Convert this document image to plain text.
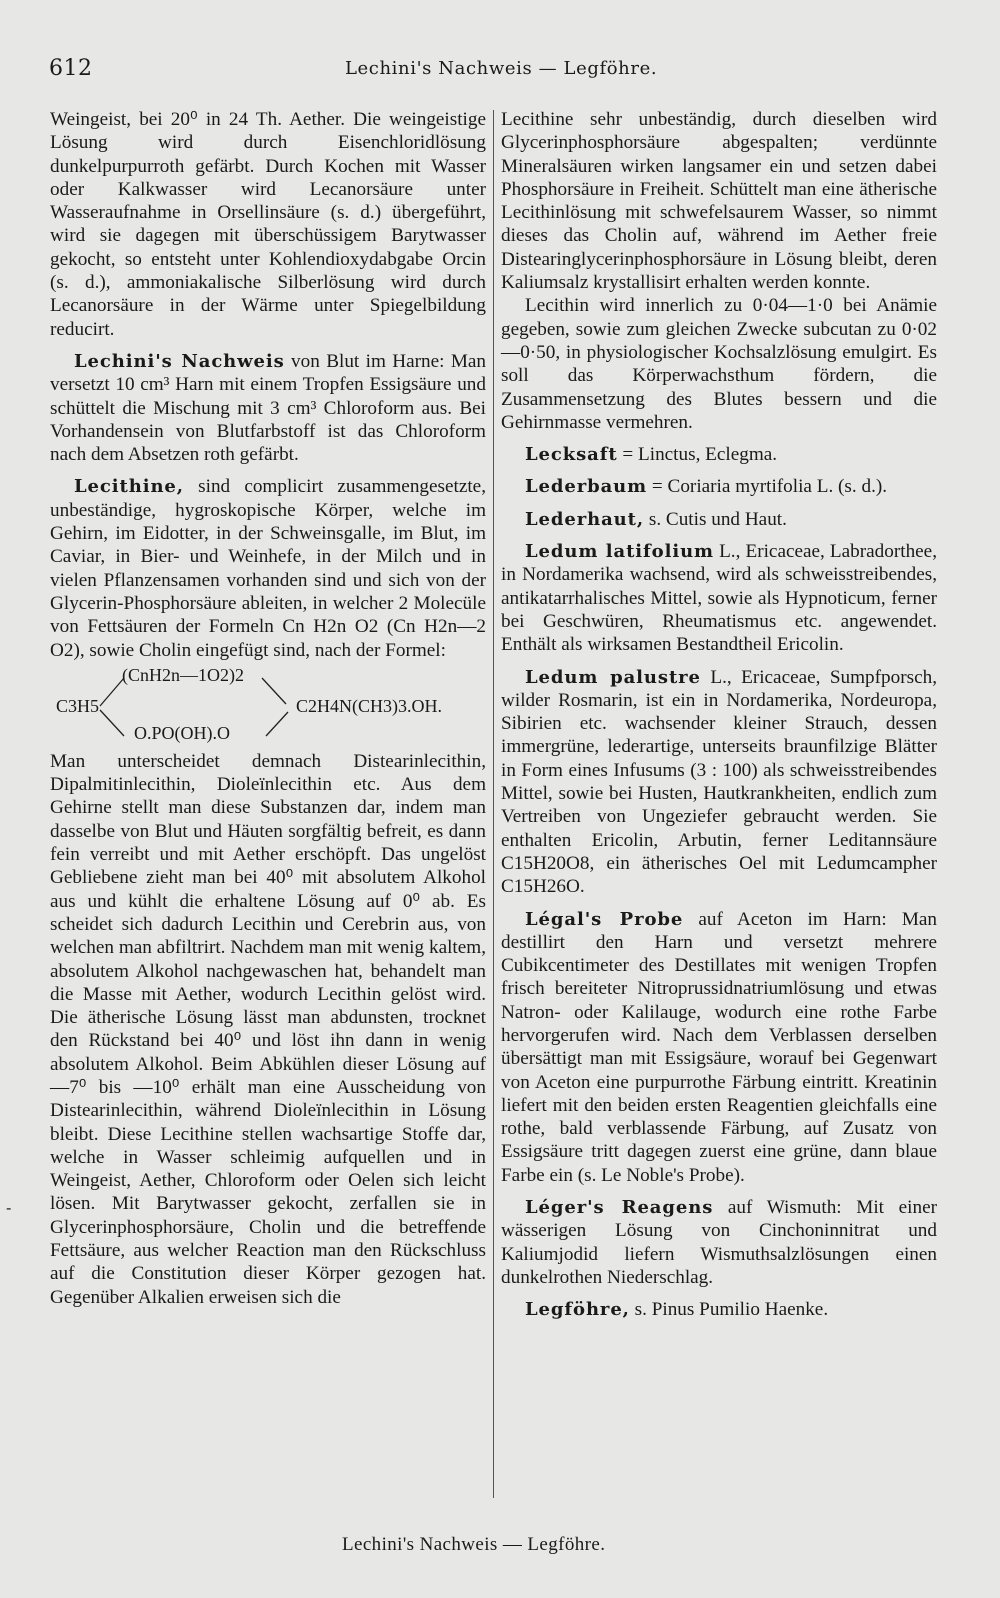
612	Lechini's Nachweis — Legföhre.
-

Weingeist, bei 20⁰ in 24 Th. Aether. Die weingeistige Lösung wird durch Eisenchloridlösung dunkelpurpurroth gefärbt. Durch Kochen mit Wasser oder Kalkwasser wird Lecanorsäure unter Wasseraufnahme in Orsellinsäure (s. d.) übergeführt, wird sie dagegen mit überschüssigem Barytwasser gekocht, so entsteht unter Kohlendioxydabgabe Orcin (s. d.), ammoniakalische Silberlösung wird durch Lecanorsäure in der Wärme unter Spiegelbildung reducirt.

Lechini's Nachweis von Blut im Harne: Man versetzt 10 cm³ Harn mit einem Tropfen Essigsäure und schüttelt die Mischung mit 3 cm³ Chloroform aus. Bei Vorhandensein von Blutfarbstoff ist das Chloroform nach dem Absetzen roth gefärbt.

Lecithine, sind complicirt zusammengesetzte, unbeständige, hygroskopische Körper, welche im Gehirn, im Eidotter, in der Schweinsgalle, im Blut, im Caviar, in Bier- und Weinhefe, in der Milch und in vielen Pflanzensamen vorhanden sind und sich von der Glycerin-Phosphorsäure ableiten, in welcher 2 Molecüle von Fettsäuren der Formeln Cn H2n O2 (Cn H2n—2 O2), sowie Cholin eingefügt sind, nach der Formel:

(CnH2n—1O2)2
C3H5	C2H4N(CH3)3.OH.
O.PO(OH).O

Man unterscheidet demnach Distearinlecithin, Dipalmitinlecithin, Dioleïnlecithin etc. Aus dem Gehirne stellt man diese Substanzen dar, indem man dasselbe von Blut und Häuten sorgfältig befreit, es dann fein verreibt und mit Aether erschöpft. Das ungelöst Gebliebene zieht man bei 40⁰ mit absolutem Alkohol aus und kühlt die erhaltene Lösung auf 0⁰ ab. Es scheidet sich dadurch Lecithin und Cerebrin aus, von welchen man abfiltrirt. Nachdem man mit wenig kaltem, absolutem Alkohol nachgewaschen hat, behandelt man die Masse mit Aether, wodurch Lecithin gelöst wird. Die ätherische Lösung lässt man abdunsten, trocknet den Rückstand bei 40⁰ und löst ihn dann in wenig absolutem Alkohol. Beim Abkühlen dieser Lösung auf —7⁰ bis —10⁰ erhält man eine Ausscheidung von Distearinlecithin, während Dioleïnlecithin in Lösung bleibt. Diese Lecithine stellen wachsartige Stoffe dar, welche in Wasser schleimig aufquellen und in Weingeist, Aether, Chloroform oder Oelen sich leicht lösen. Mit Barytwasser gekocht, zerfallen sie in Glycerinphosphorsäure, Cholin und die betreffende Fettsäure, aus welcher Reaction man den Rückschluss auf die Constitution dieser Körper gezogen hat. Gegenüber Alkalien erweisen sich die

Lecithine sehr unbeständig, durch dieselben wird Glycerinphosphorsäure abgespalten; verdünnte Mineralsäuren wirken langsamer ein und setzen dabei Phosphorsäure in Freiheit. Schüttelt man eine ätherische Lecithinlösung mit schwefelsaurem Wasser, so nimmt dieses das Cholin auf, während im Aether freie Distearinglycerinphosphorsäure in Lösung bleibt, deren Kaliumsalz krystallisirt erhalten werden konnte.

Lecithin wird innerlich zu 0·04—1·0 bei Anämie gegeben, sowie zum gleichen Zwecke subcutan zu 0·02—0·50, in physiologischer Kochsalzlösung emulgirt. Es soll das Körperwachsthum fördern, die Zusammensetzung des Blutes bessern und die Gehirnmasse vermehren.

Lecksaft = Linctus, Eclegma.

Lederbaum = Coriaria myrtifolia L. (s. d.).

Lederhaut, s. Cutis und Haut.

Ledum latifolium L., Ericaceae, Labradorthee, in Nordamerika wachsend, wird als schweisstreibendes, antikatarrhalisches Mittel, sowie als Hypnoticum, ferner bei Geschwüren, Rheumatismus etc. angewendet. Enthält als wirksamen Bestandtheil Ericolin.

Ledum palustre L., Ericaceae, Sumpfporsch, wilder Rosmarin, ist ein in Nordamerika, Nordeuropa, Sibirien etc. wachsender kleiner Strauch, dessen immergrüne, lederartige, unterseits braunfilzige Blätter in Form eines Infusums (3 : 100) als schweisstreibendes Mittel, sowie bei Husten, Hautkrankheiten, endlich zum Vertreiben von Ungeziefer gebraucht werden. Sie enthalten Ericolin, Arbutin, ferner Leditannsäure C15H20O8, ein ätherisches Oel mit Ledumcampher C15H26O.

Légal's Probe auf Aceton im Harn: Man destillirt den Harn und versetzt mehrere Cubikcentimeter des Destillates mit wenigen Tropfen frisch bereiteter Nitroprussidnatriumlösung und etwas Natron- oder Kalilauge, wodurch eine rothe Farbe hervorgerufen wird. Nach dem Verblassen derselben übersättigt man mit Essigsäure, worauf bei Gegenwart von Aceton eine purpurrothe Färbung eintritt. Kreatinin liefert mit den beiden ersten Reagentien gleichfalls eine rothe, bald verblassende Färbung, auf Zusatz von Essigsäure tritt dagegen zuerst eine grüne, dann blaue Farbe ein (s. Le Noble's Probe).

Léger's Reagens auf Wismuth: Mit einer wässerigen Lösung von Cinchoninnitrat und Kaliumjodid liefern Wismuthsalzlösungen einen dunkelrothen Niederschlag.

Legföhre, s. Pinus Pumilio Haenke.

Lechini's Nachweis — Legföhre.
